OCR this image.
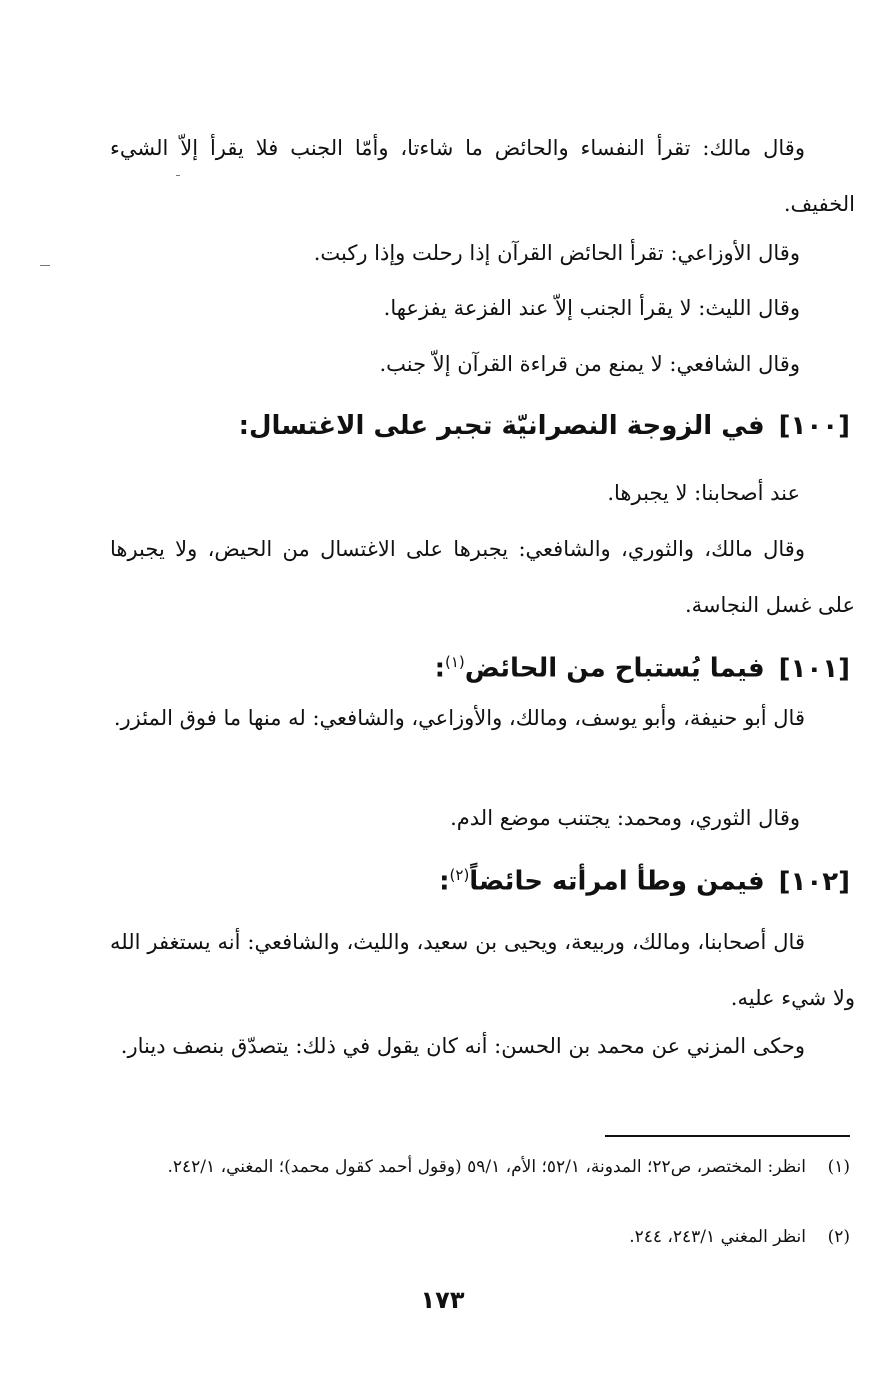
وقال مالك: تقرأ النفساء والحائض ما شاءتا، وأمّا الجنب فلا يقرأ إلاّ الشيء الخفيف.
وقال الأوزاعي: تقرأ الحائض القرآن إذا رحلت وإذا ركبت.
وقال الليث: لا يقرأ الجنب إلاّ عند الفزعة يفزعها.
وقال الشافعي: لا يمنع من قراءة القرآن إلاّ جنب.
[١٠٠]في الزوجة النصرانيّة تجبر على الاغتسال:
عند أصحابنا: لا يجبرها.
وقال مالك، والثوري، والشافعي: يجبرها على الاغتسال من الحيض، ولا يجبرها على غسل النجاسة.
[١٠١]فيما يُستباح من الحائض$^{(١)}$:
قال أبو حنيفة، وأبو يوسف، ومالك، والأوزاعي، والشافعي: له منها ما فوق المئزر.
وقال الثوري، ومحمد: يجتنب موضع الدم.
[١٠٢]فيمن وطأ امرأته حائضاً$^{(٢)}$:
قال أصحابنا، ومالك، وربيعة، ويحيى بن سعيد، والليث، والشافعي: أنه يستغفر الله ولا شيء عليه.
وحكى المزني عن محمد بن الحسن: أنه كان يقول في ذلك: يتصدّق بنصف دينار.
(١)انظر: المختصر، ص٢٢؛ المدونة، ٥٢/١؛ الأم، ٥٩/١ (وقول أحمد كقول محمد)؛ المغني، ٢٤٢/١.
(٢)انظر المغني ٢٤٣/١، ٢٤٤.
١٧٣
